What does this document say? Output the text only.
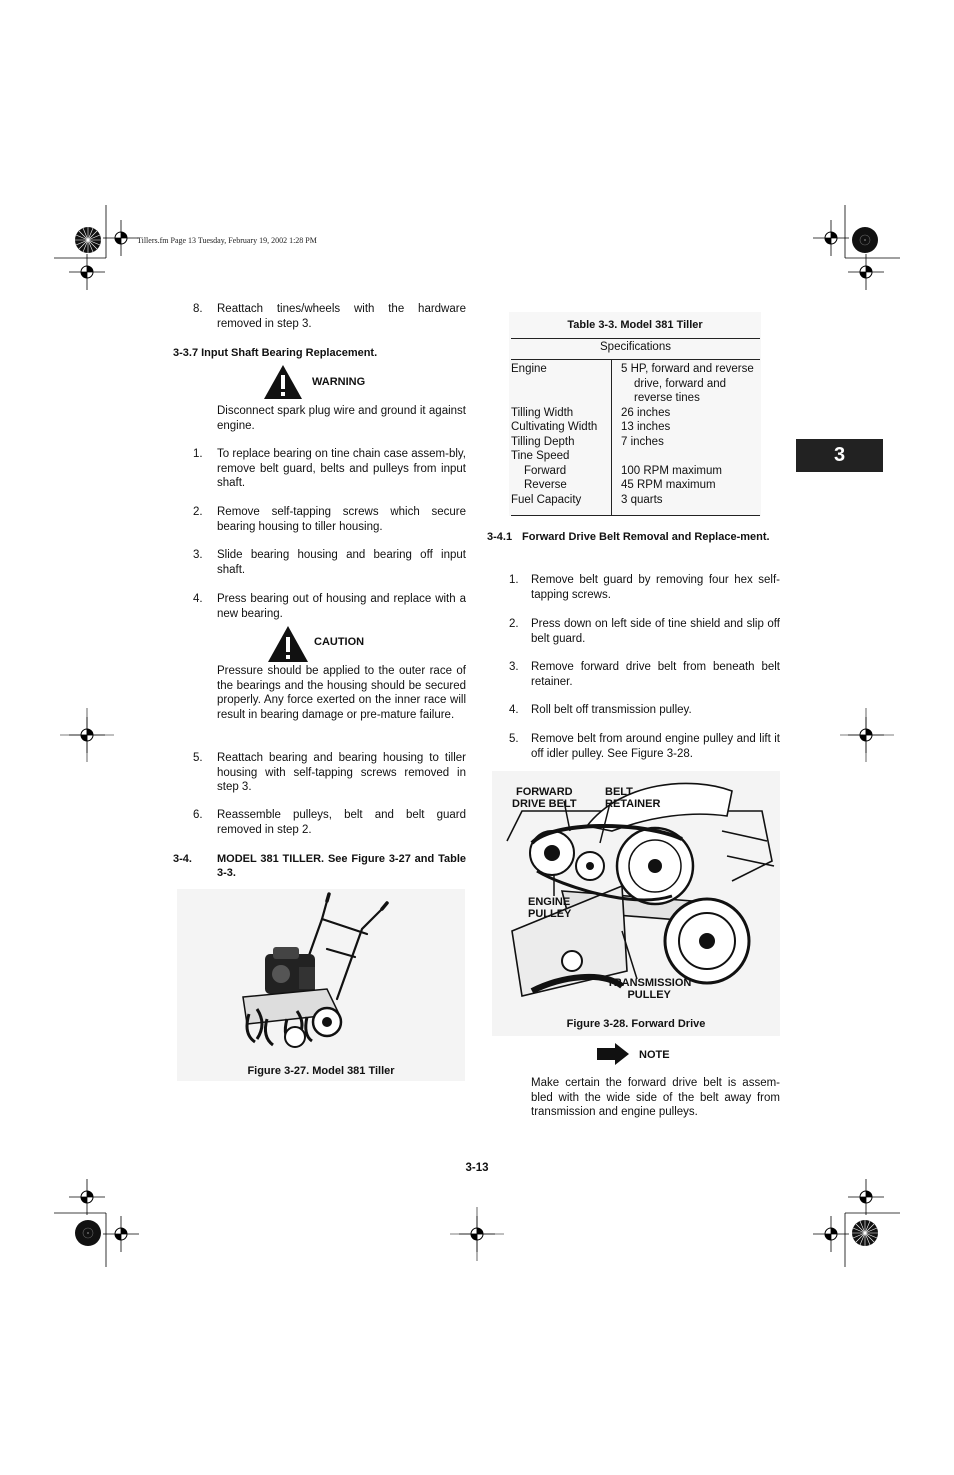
Tillers.fm Page 13 Tuesday, February 19, 2002 1:28 PM
3
8. Reattach tines/wheels with the hardware removed in step 3.
3-3.7 Input Shaft Bearing Replacement.
WARNING
Disconnect spark plug wire and ground it against engine.
1. To replace bearing on tine chain case assem-bly, remove belt guard, belts and pulleys from input shaft.
2. Remove self-tapping screws which secure bearing housing to tiller housing.
3. Slide bearing housing and bearing off input shaft.
4. Press bearing out of housing and replace with a new bearing.
CAUTION
Pressure should be applied to the outer race of the bearings and the housing should be secured properly. Any force exerted on the inner race will result in bearing damage or pre-mature failure.
5. Reattach bearing and bearing housing to tiller housing with self-tapping screws removed in step 3.
6. Reassemble pulleys, belt and belt guard removed in step 2.
3-4. MODEL 381 TILLER. See Figure 3-27 and Table 3-3.
Figure 3-27. Model 381 Tiller
Table 3-3. Model 381 Tiller
Specifications
Engine	5 HP, forward and reverse drive, forward and reverse tines

Tilling Width	26 inches
Cultivating Width	13 inches
Tilling Depth	7 inches
Tine Speed	
Forward	100 RPM maximum
Reverse	45 RPM maximum
Fuel Capacity	3 quarts
3-4.1 Forward Drive Belt Removal and Replace-ment.
1. Remove belt guard by removing four hex self-tapping screws.
2. Press down on left side of tine shield and slip off belt guard.
3. Remove forward drive belt from beneath belt retainer.
4. Roll belt off transmission pulley.
5. Remove belt from around engine pulley and lift it off idler pulley. See Figure 3-28.
FORWARD
DRIVE BELT
BELT
RETAINER
ENGINE
PULLEY
TRANSMISSION
PULLEY
Figure 3-28. Forward Drive
NOTE
Make certain the forward drive belt is assem-bled with the wide side of the belt away from transmission and engine pulleys.
3-13
